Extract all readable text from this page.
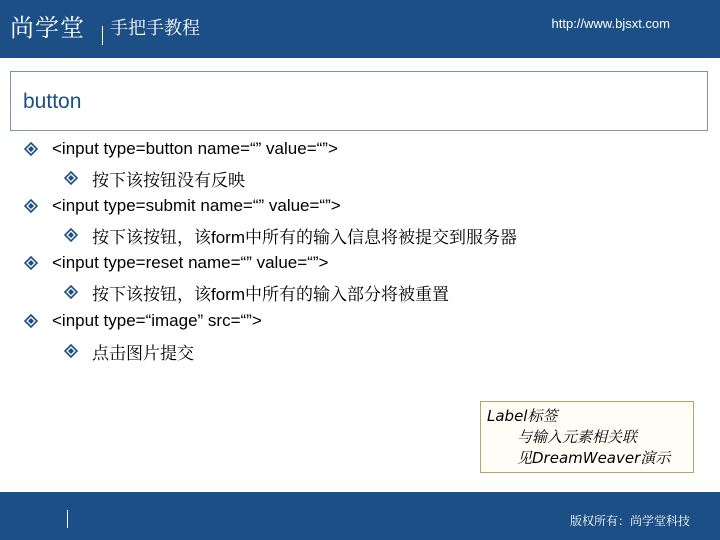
尚学堂 手把手教程	http://www.bjsxt.com
button
<input type=button name=“” value=“”>
按下该按钮没有反映
<input type=submit name=“” value=“”>
按下该按钮，该form中所有的输入信息将被提交到服务器
<input type=reset name=“” value=“”>
按下该按钮，该form中所有的输入部分将被重置
<input type=“image” src=“”>
点击图片提交
Label标签
与输入元素相关联
见DreamWeaver演示
版权所有：尚学堂科技
